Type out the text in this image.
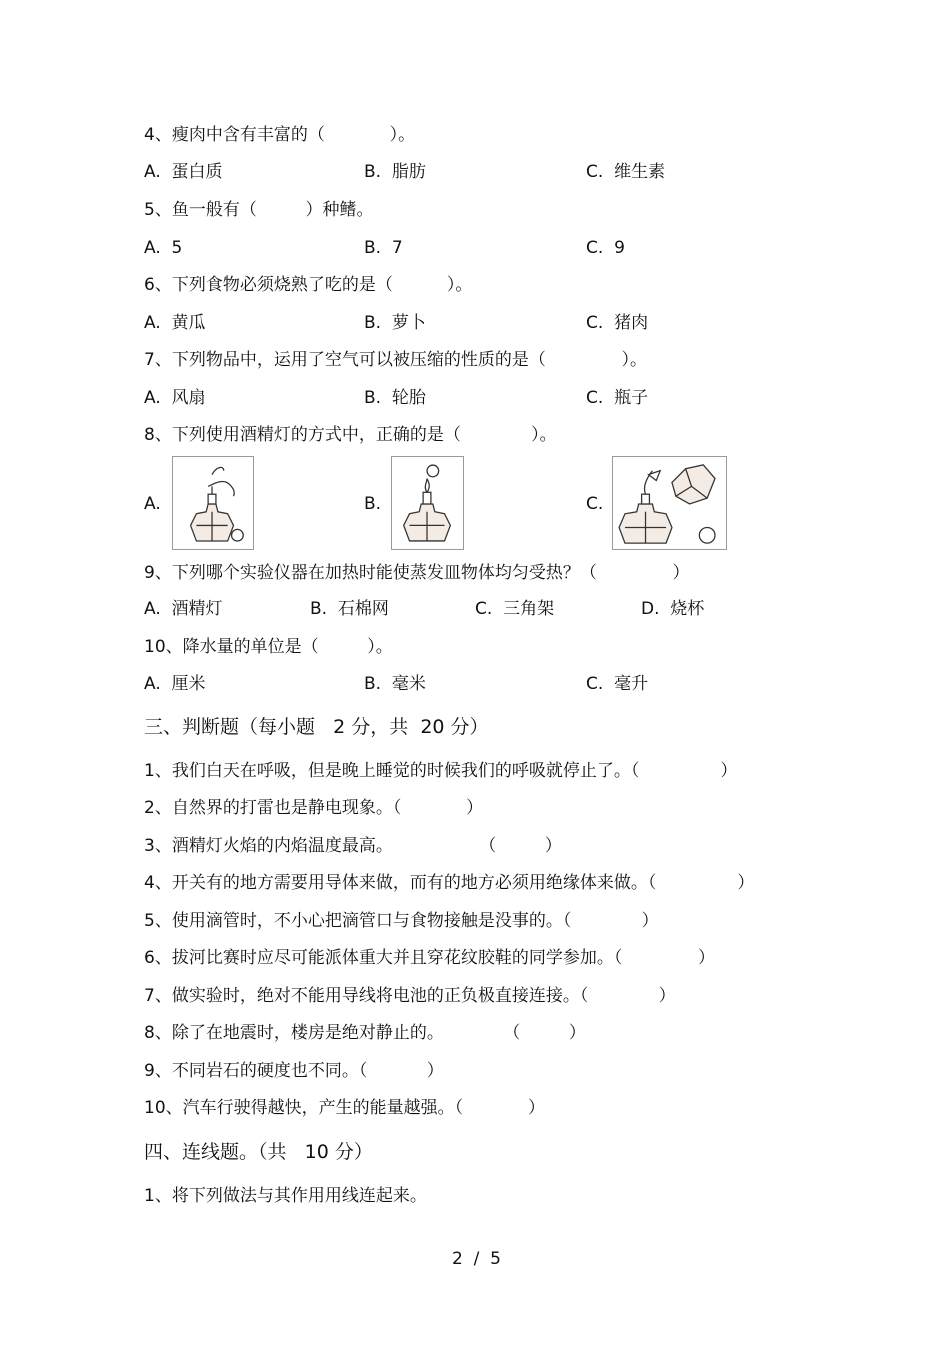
4、瘦肉中含有丰富的（            ）。
A.  蛋白质	B.  脂肪	C.  维生素
5、鱼一般有（         ）种鳍。
A.  5	B.  7	C.  9
6、下列食物必须烧熟了吃的是（          ）。
A.  黄瓜	B.  萝卜	C.  猪肉
7、下列物品中，运用了空气可以被压缩的性质的是（              ）。
A.  风扇	B.  轮胎	C.  瓶子
8、下列使用酒精灯的方式中，正确的是（             ）。
A.	B.	C.
9、下列哪个实验仪器在加热时能使蒸发皿物体均匀受热？（              ）
A.  酒精灯	B.  石棉网	C.  三角架	D.  烧杯
10、降水量的单位是（         ）。
A.  厘米	B.  毫米	C.  毫升
三、判断题（每小题   2 分，共  20 分）
1、我们白天在呼吸，但是晚上睡觉的时候我们的呼吸就停止了。（               ）
2、自然界的打雷也是静电现象。（            ）
3、酒精灯火焰的内焰温度最高。                （         ）
4、开关有的地方需要用导体来做，而有的地方必须用绝缘体来做。（               ）
5、使用滴管时，不小心把滴管口与食物接触是没事的。（             ）
6、拔河比赛时应尽可能派体重大并且穿花纹胶鞋的同学参加。（              ）
7、做实验时，绝对不能用导线将电池的正负极直接连接。（             ）
8、除了在地震时，楼房是绝对静止的。           （         ）
9、不同岩石的硬度也不同。（           ）
10、汽车行驶得越快，产生的能量越强。（            ）
四、连线题。（共   10 分）
1、将下列做法与其作用用线连起来。
2  /  5
